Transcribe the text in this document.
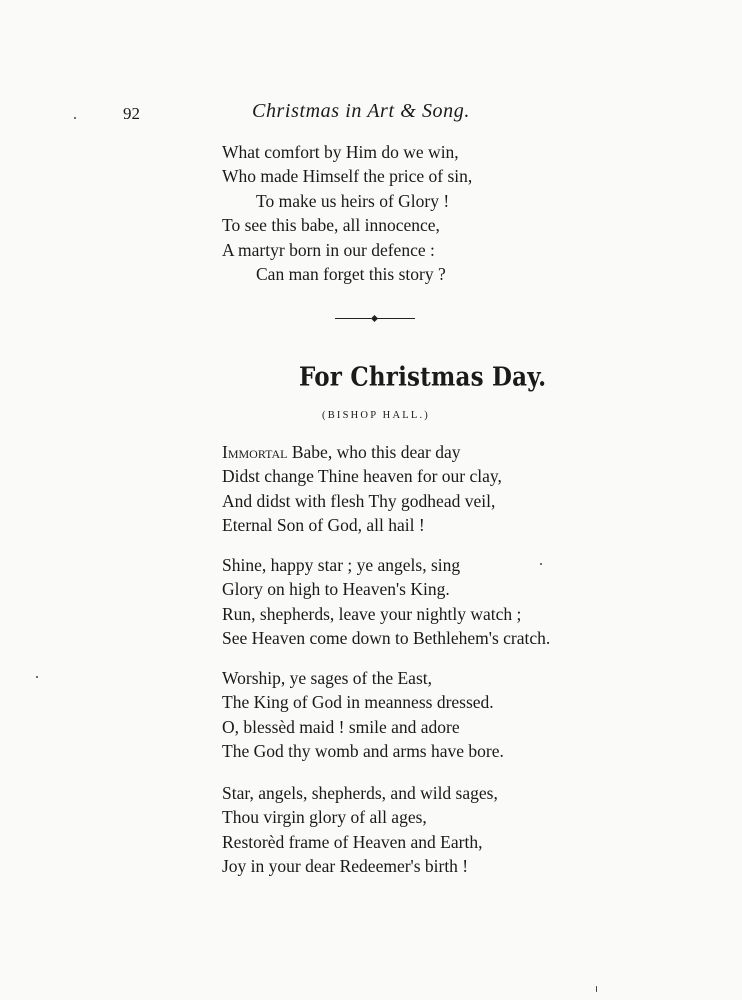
92	Christmas in Art & Song.
What comfort by Him do we win,
Who made Himself the price of sin,
To make us heirs of Glory !
To see this babe, all innocence,
A martyr born in our defence :
Can man forget this story ?
For Christmas Day.
(BISHOP HALL.)
Immortal Babe, who this dear day
Didst change Thine heaven for our clay,
And didst with flesh Thy godhead veil,
Eternal Son of God, all hail !
Shine, happy star ; ye angels, sing
Glory on high to Heaven's King.
Run, shepherds, leave your nightly watch ;
See Heaven come down to Bethlehem's cratch.
Worship, ye sages of the East,
The King of God in meanness dressed.
O, blessèd maid ! smile and adore
The God thy womb and arms have bore.
Star, angels, shepherds, and wild sages,
Thou virgin glory of all ages,
Restorèd frame of Heaven and Earth,
Joy in your dear Redeemer's birth !
